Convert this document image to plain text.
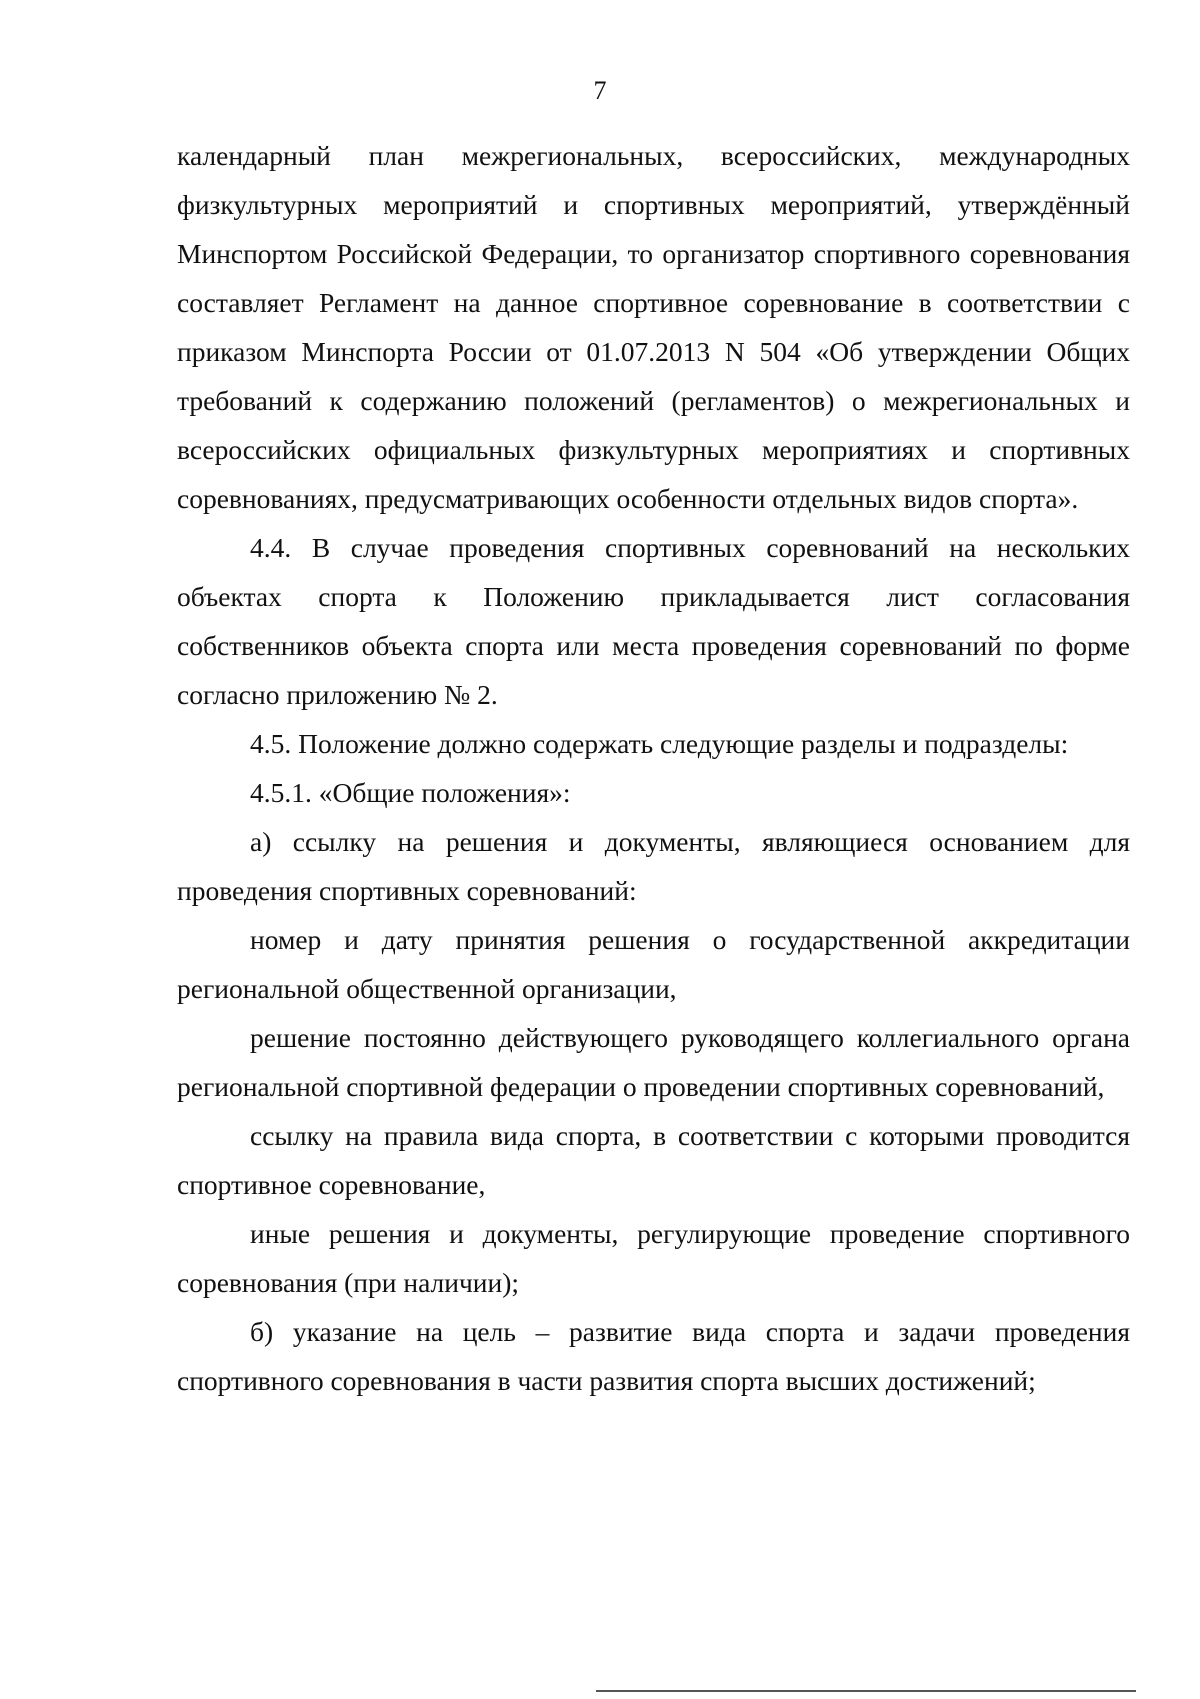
7

календарный план межрегиональных, всероссийских, международных физкультурных мероприятий и спортивных мероприятий, утверждённый Минспортом Российской Федерации, то организатор спортивного соревнования составляет Регламент на данное спортивное соревнование в соответствии с приказом Минспорта России от 01.07.2013 N 504 «Об утверждении Общих требований к содержанию положений (регламентов) о межрегиональных и всероссийских официальных физкультурных мероприятиях и спортивных соревнованиях, предусматривающих особенности отдельных видов спорта».

4.4. В случае проведения спортивных соревнований на нескольких объектах спорта к Положению прикладывается лист согласования собственников объекта спорта или места проведения соревнований по форме согласно приложению № 2.

4.5. Положение должно содержать следующие разделы и подразделы:

4.5.1. «Общие положения»:

а) ссылку на решения и документы, являющиеся основанием для проведения спортивных соревнований:

номер и дату принятия решения о государственной аккредитации региональной общественной организации,

решение постоянно действующего руководящего коллегиального органа региональной спортивной федерации о проведении спортивных соревнований,

ссылку на правила вида спорта, в соответствии с которыми проводится спортивное соревнование,

иные решения и документы, регулирующие проведение спортивного соревнования (при наличии);

б) указание на цель – развитие вида спорта и задачи проведения спортивного соревнования в части развития спорта высших достижений;
